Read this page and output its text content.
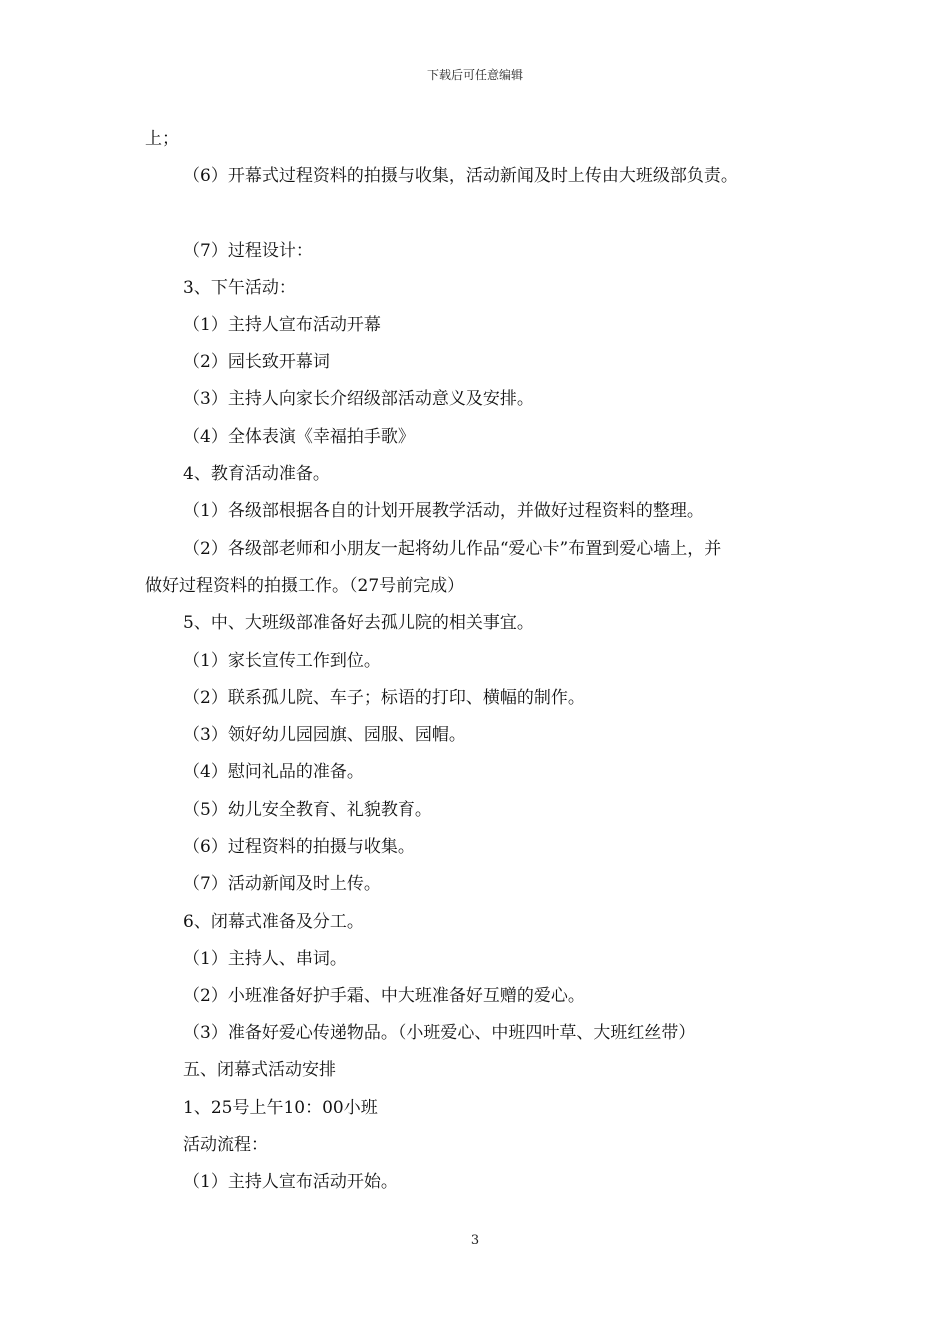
下载后可任意编辑
上；
（6）开幕式过程资料的拍摄与收集，活动新闻及时上传由大班级部负责。
（7）过程设计：
3、下午活动：
（1）主持人宣布活动开幕
（2）园长致开幕词
（3）主持人向家长介绍级部活动意义及安排。
（4）全体表演《幸福拍手歌》
4、教育活动准备。
（1）各级部根据各自的计划开展教学活动，并做好过程资料的整理。
（2）各级部老师和小朋友一起将幼儿作品“爱心卡”布置到爱心墙上，并
做好过程资料的拍摄工作。（27号前完成）
5、中、大班级部准备好去孤儿院的相关事宜。
（1）家长宣传工作到位。
（2）联系孤儿院、车子；标语的打印、横幅的制作。
（3）领好幼儿园园旗、园服、园帽。
（4）慰问礼品的准备。
（5）幼儿安全教育、礼貌教育。
（6）过程资料的拍摄与收集。
（7）活动新闻及时上传。
6、闭幕式准备及分工。
（1）主持人、串词。
（2）小班准备好护手霜、中大班准备好互赠的爱心。
（3）准备好爱心传递物品。（小班爱心、中班四叶草、大班红丝带）
五、闭幕式活动安排
1、25号上午10：00小班
活动流程：
（1）主持人宣布活动开始。
3
